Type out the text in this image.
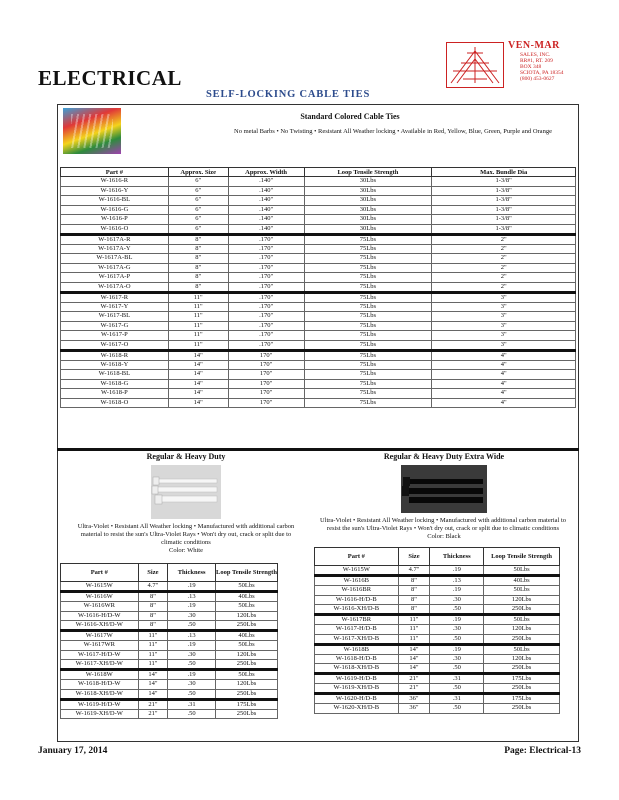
ELECTRICAL
VEN-MAR
SALES, INC.
RR#1, RT. 209
BOX 348
SCIOTA, PA 18354
(800) 453-0627
SELF-LOCKING CABLE TIES
Standard Colored Cable Ties
No metal Barbs • No Twisting • Resistant All Weather locking • Available in Red, Yellow, Blue, Green, Purple and Orange
Part #	Approx. Size	Approx. Width	Loop Tensile Strength	Max. Bundle Dia
W-1616-R	6"	.140"	30Lbs	1-3/8"
W-1616-Y	6"	.140"	30Lbs	1-3/8"
W-1616-BL	6"	.140"	30Lbs	1-3/8"
W-1616-G	6"	.140"	30Lbs	1-3/8"
W-1616-P	6"	.140"	30Lbs	1-3/8"
W-1616-O	6"	.140"	30Lbs	1-3/8"
W-1617A-R	8"	.170"	75Lbs	2"
W-1617A-Y	8"	.170"	75Lbs	2"
W-1617A-BL	8"	.170"	75Lbs	2"
W-1617A-G	8"	.170"	75Lbs	2"
W-1617A-P	8"	.170"	75Lbs	2"
W-1617A-O	8"	.170"	75Lbs	2"
W-1617-R	11"	.170"	75Lbs	3"
W-1617-Y	11"	.170"	75Lbs	3"
W-1617-BL	11"	.170"	75Lbs	3"
W-1617-G	11"	.170"	75Lbs	3"
W-1617-P	11"	.170"	75Lbs	3"
W-1617-O	11"	.170"	75Lbs	3"
W-1618-R	14"	170"	75Lbs	4"
W-1618-Y	14"	170"	75Lbs	4"
W-1618-BL	14"	170"	75Lbs	4"
W-1618-G	14"	170"	75Lbs	4"
W-1618-P	14"	170"	75Lbs	4"
W-1618-O	14"	170"	75Lbs	4"
Regular & Heavy Duty
Ultra-Violet • Resistant All Weather locking • Manufactured with additional carbon material to resist the sun's Ultra-Violet Rays • Won't dry out, crack or split due to climatic conditions
Color: White
Part #	Size	Thickness	Loop Tensile Strength
W-1615W	4.7"	.19	50Lbs
W-1616W	8"	.13	40Lbs
W-1616WR	8"	.19	50Lbs
W-1616-H/D-W	8"	.30	120Lbs
W-1616-XH/D-W	8"	.50	250Lbs
W-1617W	11"	.13	40Lbs
W-1617WR	11"	.19	50Lbs
W-1617-H/D-W	11"	.30	120Lbs
W-1617-XH/D-W	11"	.50	250Lbs
W-1618W	14"	.19	50Lbs
W-1618-H/D-W	14"	.30	120Lbs
W-1618-XH/D-W	14"	.50	250Lbs
W-1619-H/D-W	21"	.31	175Lbs
W-1619-XH/D-W	21"	.50	250Lbs
Regular & Heavy Duty Extra Wide
Ultra-Violet • Resistant All Weather locking • Manufactured with additional carbon material to resist the sun's Ultra-Violet Rays • Won't dry out, crack or split due to climatic conditions
Color: Black
Part #	Size	Thickness	Loop Tensile Strength
W-1615W	4.7"	.19	50Lbs
W-1616B	8"	.13	40Lbs
W-1616BR	8"	.19	50Lbs
W-1616-H/D-B	8"	.30	120Lbs
W-1616-XH/D-B	8"	.50	250Lbs
W-1617BR	11"	.19	50Lbs
W-1617-H/D-B	11"	.30	120Lbs
W-1617-XH/D-B	11"	.50	250Lbs
W-1618B	14"	.19	50Lbs
W-1618-H/D-B	14"	.30	120Lbs
W-1618-XH/D-B	14"	.50	250Lbs
W-1619-H/D-B	21"	.31	175Lbs
W-1619-XH/D-B	21"	.50	250Lbs
W-1620-H/D-B	36"	.31	175Lbs
W-1620-XH/D-B	36"	.50	250Lbs
January 17, 2014	Page: Electrical-13
